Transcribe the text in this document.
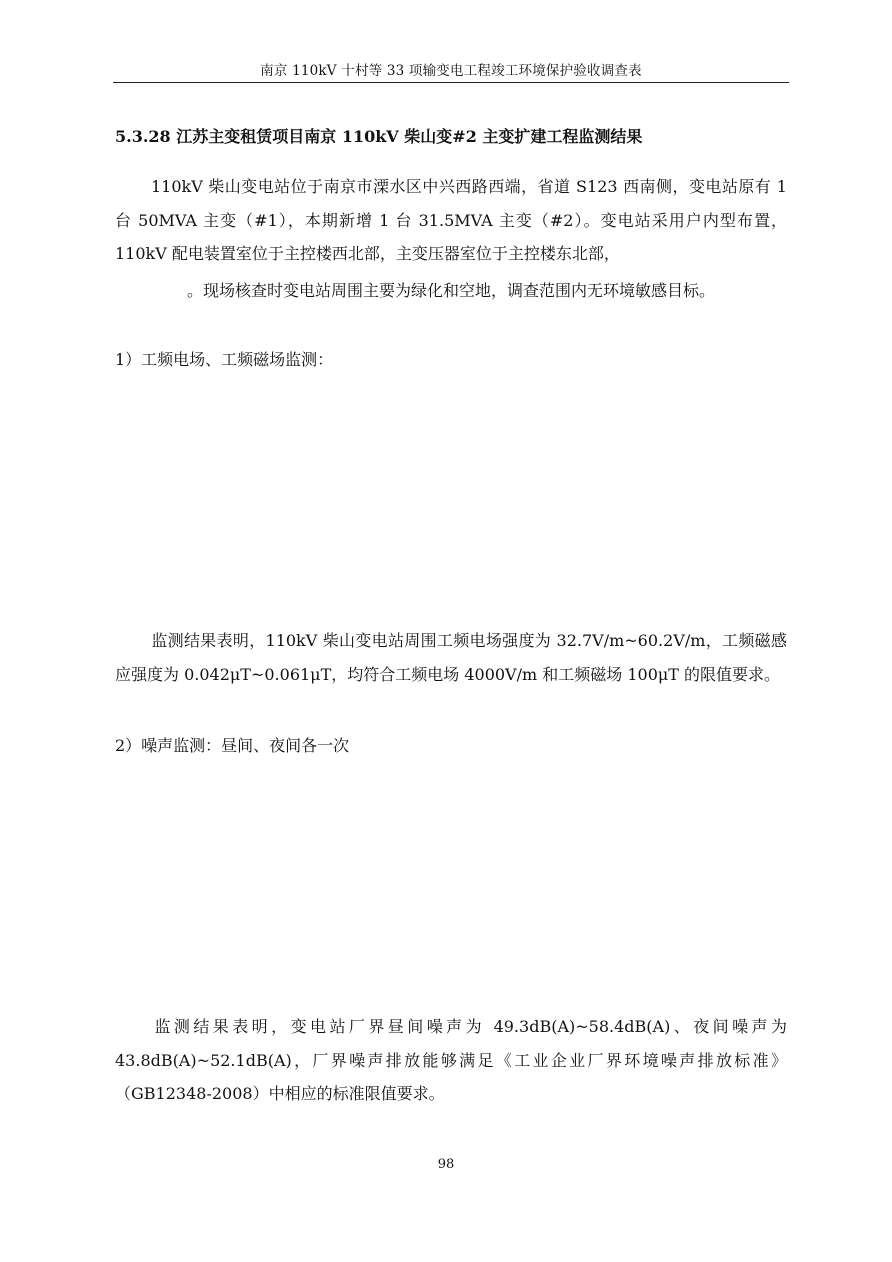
南京 110kV 十村等 33 项输变电工程竣工环境保护验收调查表
5.3.28 江苏主变租赁项目南京 110kV 柴山变#2 主变扩建工程监测结果

110kV 柴山变电站位于南京市溧水区中兴西路西端，省道 S123 西南侧，变电站原有 1 台 50MVA 主变（#1），本期新增 1 台 31.5MVA 主变（#2）。变电站采用户内型布置，110kV 配电装置室位于主控楼西北部，主变压器室位于主控楼东北部，

。现场核查时变电站周围主要为绿化和空地，调查范围内无环境敏感目标。
1）工频电场、工频磁场监测：

监测结果表明，110kV 柴山变电站周围工频电场强度为 32.7V/m~60.2V/m，工频磁感应强度为 0.042μT~0.061μT，均符合工频电场 4000V/m 和工频磁场 100μT 的限值要求。

2）噪声监测：昼间、夜间各一次

监测结果表明，变电站厂界昼间噪声为 49.3dB(A)~58.4dB(A)、夜间噪声为 43.8dB(A)~52.1dB(A)，厂界噪声排放能够满足《工业企业厂界环境噪声排放标准》（GB12348-2008）中相应的标准限值要求。

98
